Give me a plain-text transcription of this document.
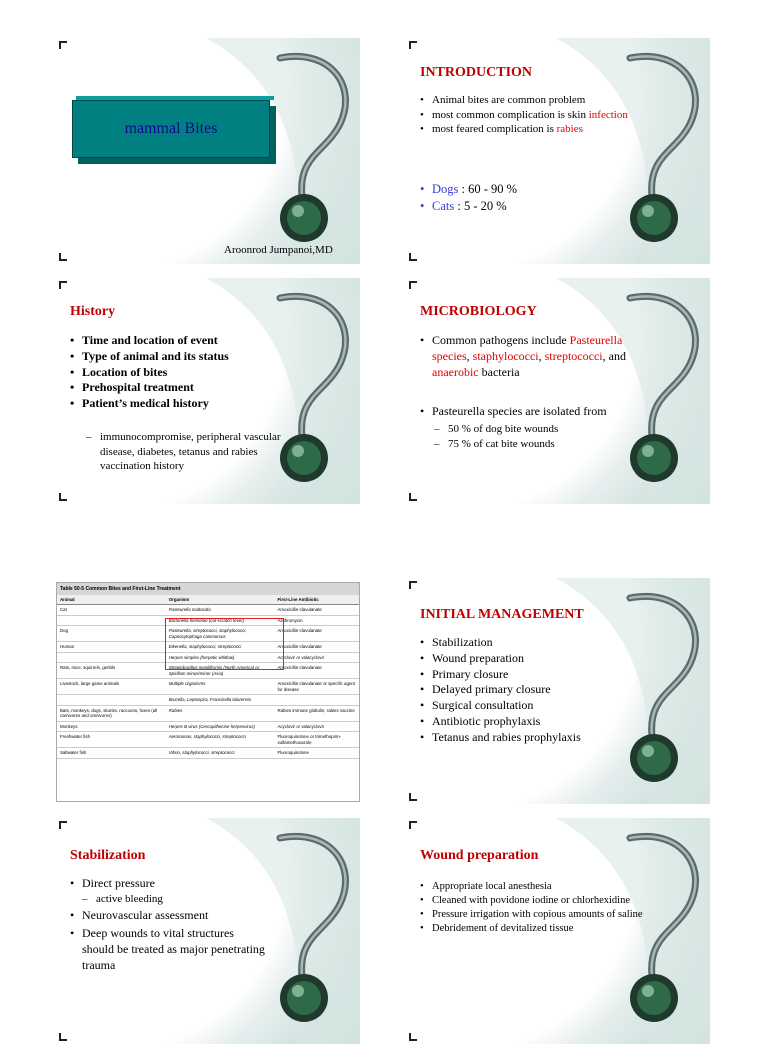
mammal Bites
Aroonrod Jumpanoi,MD
INTRODUCTION
• Animal bites are common problem
• most common complication is skin infection
• most feared complication is rabies
• Dogs : 60 - 90 %
• Cats : 5 - 20 %
History
• Time and location of event
• Type of animal and its status
• Location of bites
• Prehospital treatment
• Patient’s medical history
– immunocompromise, peripheral vascular disease, diabetes, tetanus and rabies vaccination history
MICROBIOLOGY
• Common pathogens include Pasteurella species, staphylococci, streptococci, and anaerobic bacteria
• Pasteurella species are isolated from
– 50 % of dog bite wounds
– 75 % of cat bite wounds
Table 50-5 Common Bites and First-Line Treatment
Animal	Organism	First-Line Antibiotic
Cat	Pasteurella multocida	Amoxicillin-clavulanate
	Bartonella henselae (cat-scratch fever)	Azithromycin
Dog	Pasteurella, streptococci, staphylococci, Capnocytophaga canimorsus	Amoxicillin-clavulanate
Human	Eikenella, staphylococci, streptococci	Amoxicillin-clavulanate
	Herpes simplex (herpetic whitlow)	Acyclovir or valacyclovir
Rats, mice, squirrels, gerbils	Streptobacillus moniliformis (North America) or Spirillum minus/minor (Asia)	Amoxicillin-clavulanate
Livestock, large game animals	Multiple organisms	Amoxicillin-clavulanate or specific agent for disease
	Brucella, Leptospira, Francisella tularensis	
Bats, monkeys, dogs, skunks, raccoons, foxes (all carnivores and omnivores)	Rabies	Rabies immune globulin, rabies vaccine
Monkeys	Herpes B virus (Cercopithecine herpesvirus)	Acyclovir or valacyclovir
Freshwater fish	Aeromonas, staphylococci, streptococci	Fluoroquinolone or trimethoprim-sulfamethoxazole
Saltwater fish	Vibrio, staphylococci, streptococci	Fluoroquinolone
INITIAL MANAGEMENT
• Stabilization
• Wound preparation
• Primary closure
• Delayed primary closure
• Surgical consultation
• Antibiotic prophylaxis
• Tetanus and rabies prophylaxis
Stabilization
• Direct pressure
– active bleeding
• Neurovascular assessment
• Deep wounds to vital structures should be treated as major penetrating trauma
Wound preparation
• Appropriate local anesthesia
• Cleaned with povidone iodine or chlorhexidine
• Pressure irrigation with copious amounts of saline
• Debridement of devitalized tissue
